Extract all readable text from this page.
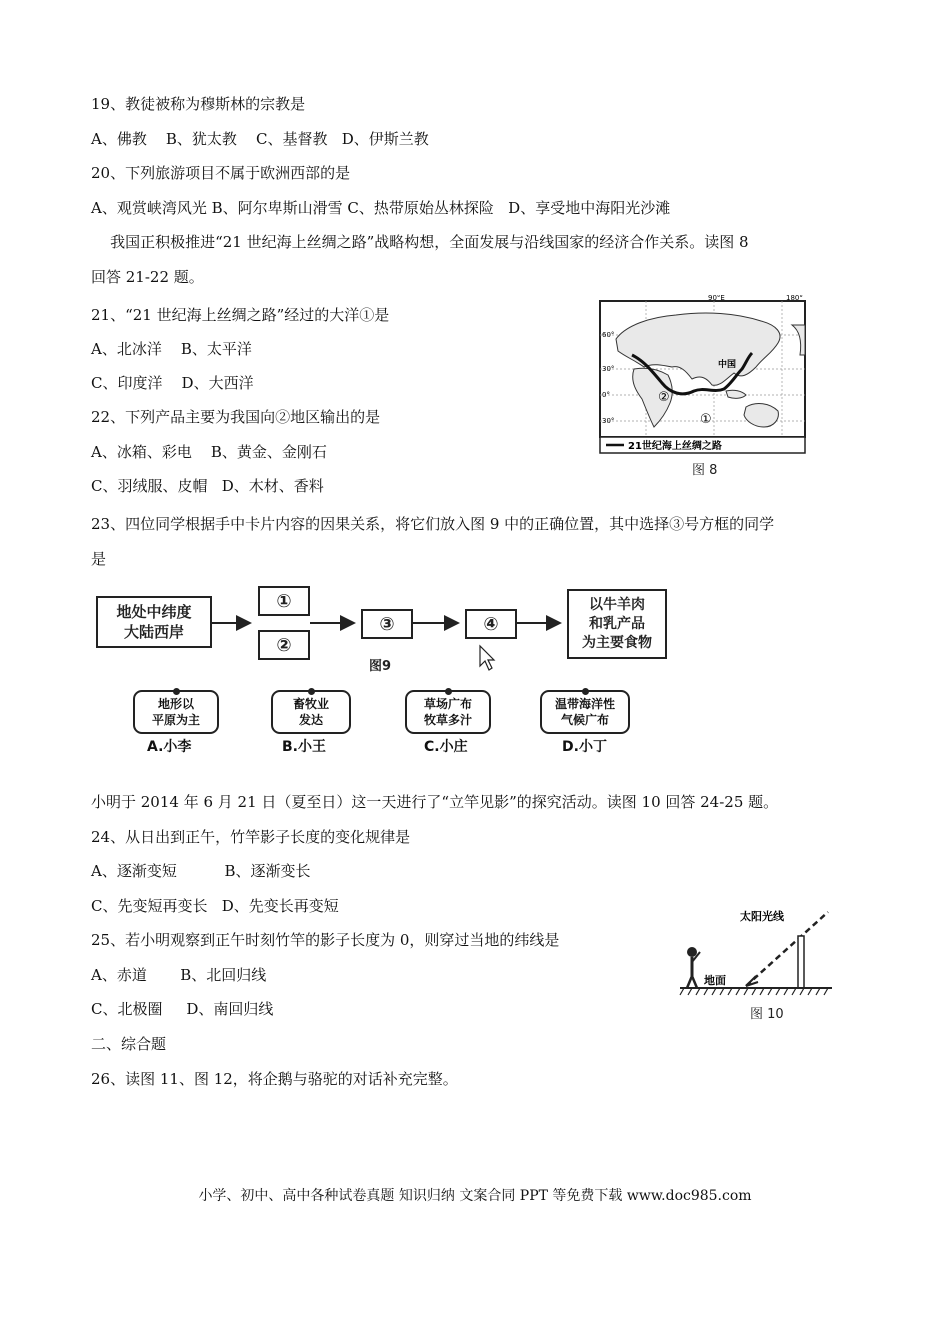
19、教徒被称为穆斯林的宗教是
A、佛教    B、犹太教    C、基督教   D、伊斯兰教
20、下列旅游项目不属于欧洲西部的是
A、观赏峡湾风光 B、阿尔卑斯山滑雪 C、热带原始丛林探险   D、享受地中海阳光沙滩
我国正积极推进“21 世纪海上丝绸之路”战略构想，全面发展与沿线国家的经济合作关系。读图 8
回答 21-22 题。
21、“21 世纪海上丝绸之路”经过的大洋①是
A、北冰洋    B、太平洋
C、印度洋    D、大西洋
22、下列产品主要为我国向②地区输出的是
A、冰箱、彩电    B、黄金、金刚石
C、羽绒服、皮帽   D、木材、香料
21世纪海上丝绸之路
90°E	180°
60°
30°
0°
30°
中国
②
①
图 8
23、四位同学根据手中卡片内容的因果关系，将它们放入图 9 中的正确位置，其中选择③号方框的同学
是
地处中纬度
大陆西岸
①
②
③	④
以牛羊肉
和乳产品
为主要食物
图9
地形以
平原为主
A.小李
畜牧业
发达
B.小王
草场广布
牧草多汁
C.小庄
温带海洋性
气候广布
D.小丁
小明于 2014 年 6 月 21 日（夏至日）这一天进行了“立竿见影”的探究活动。读图 10 回答 24-25 题。
24、从日出到正午，竹竿影子长度的变化规律是
A、逐渐变短          B、逐渐变长
C、先变短再变长   D、先变长再变短
25、若小明观察到正午时刻竹竿的影子长度为 0，则穿过当地的纬线是
A、赤道       B、北回归线
C、北极圈     D、南回归线
太阳光线
地面
图 10
二、综合题
26、读图 11、图 12，将企鹅与骆驼的对话补充完整。
小学、初中、高中各种试卷真题 知识归纳 文案合同 PPT 等免费下载 www.doc985.com
